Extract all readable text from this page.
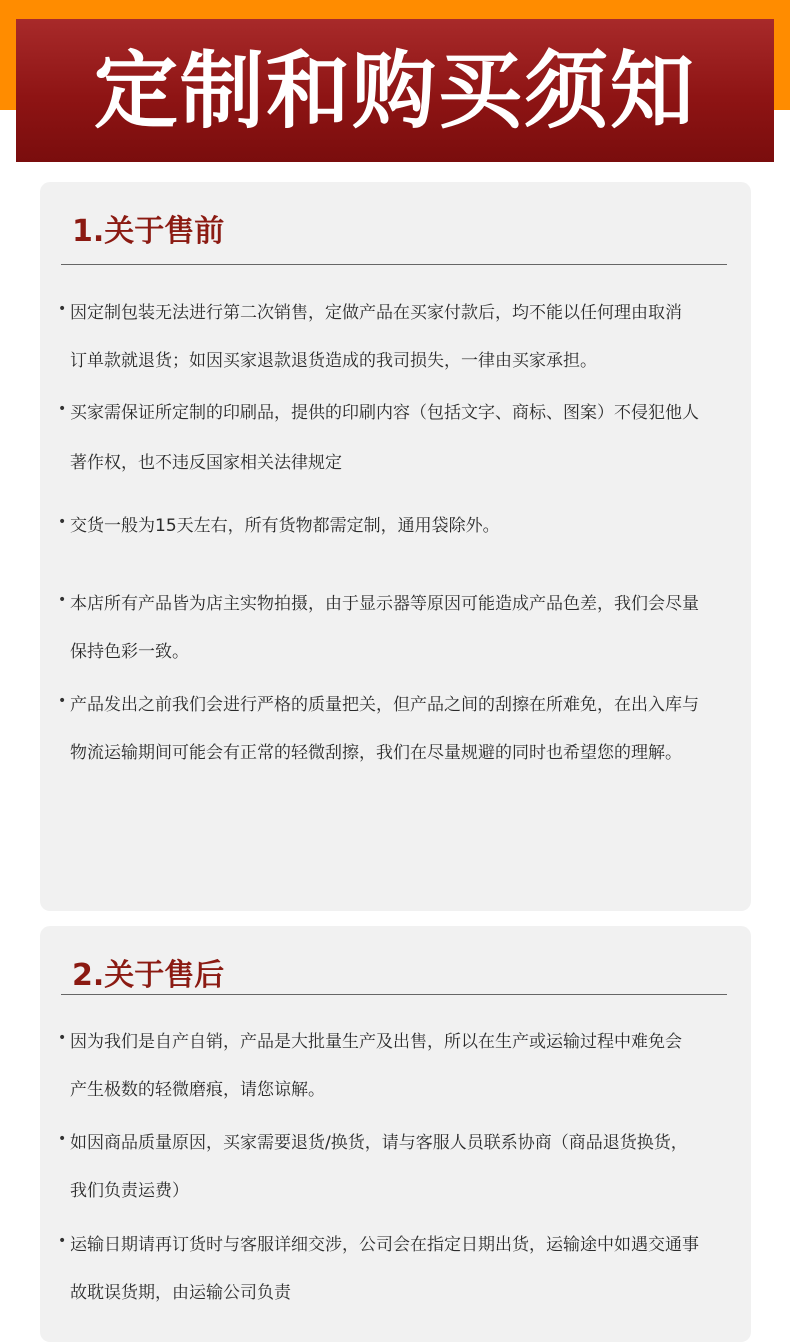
定制和购买须知
1.关于售前
• 因定制包装无法进行第二次销售，定做产品在买家付款后，均不能以任何理由取消
订单款就退货；如因买家退款退货造成的我司损失，一律由买家承担。
• 买家需保证所定制的印刷品，提供的印刷内容（包括文字、商标、图案）不侵犯他人
著作权，也不违反国家相关法律规定
• 交货一般为15天左右，所有货物都需定制，通用袋除外。
• 本店所有产品皆为店主实物拍摄，由于显示器等原因可能造成产品色差，我们会尽量
保持色彩一致。
• 产品发出之前我们会进行严格的质量把关，但产品之间的刮擦在所难免，在出入库与
物流运输期间可能会有正常的轻微刮擦，我们在尽量规避的同时也希望您的理解。
2.关于售后
• 因为我们是自产自销，产品是大批量生产及出售，所以在生产或运输过程中难免会
产生极数的轻微磨痕，请您谅解。
• 如因商品质量原因，买家需要退货/换货，请与客服人员联系协商（商品退货换货，
我们负责运费）
• 运输日期请再订货时与客服详细交涉，公司会在指定日期出货，运输途中如遇交通事
故耽误货期，由运输公司负责
